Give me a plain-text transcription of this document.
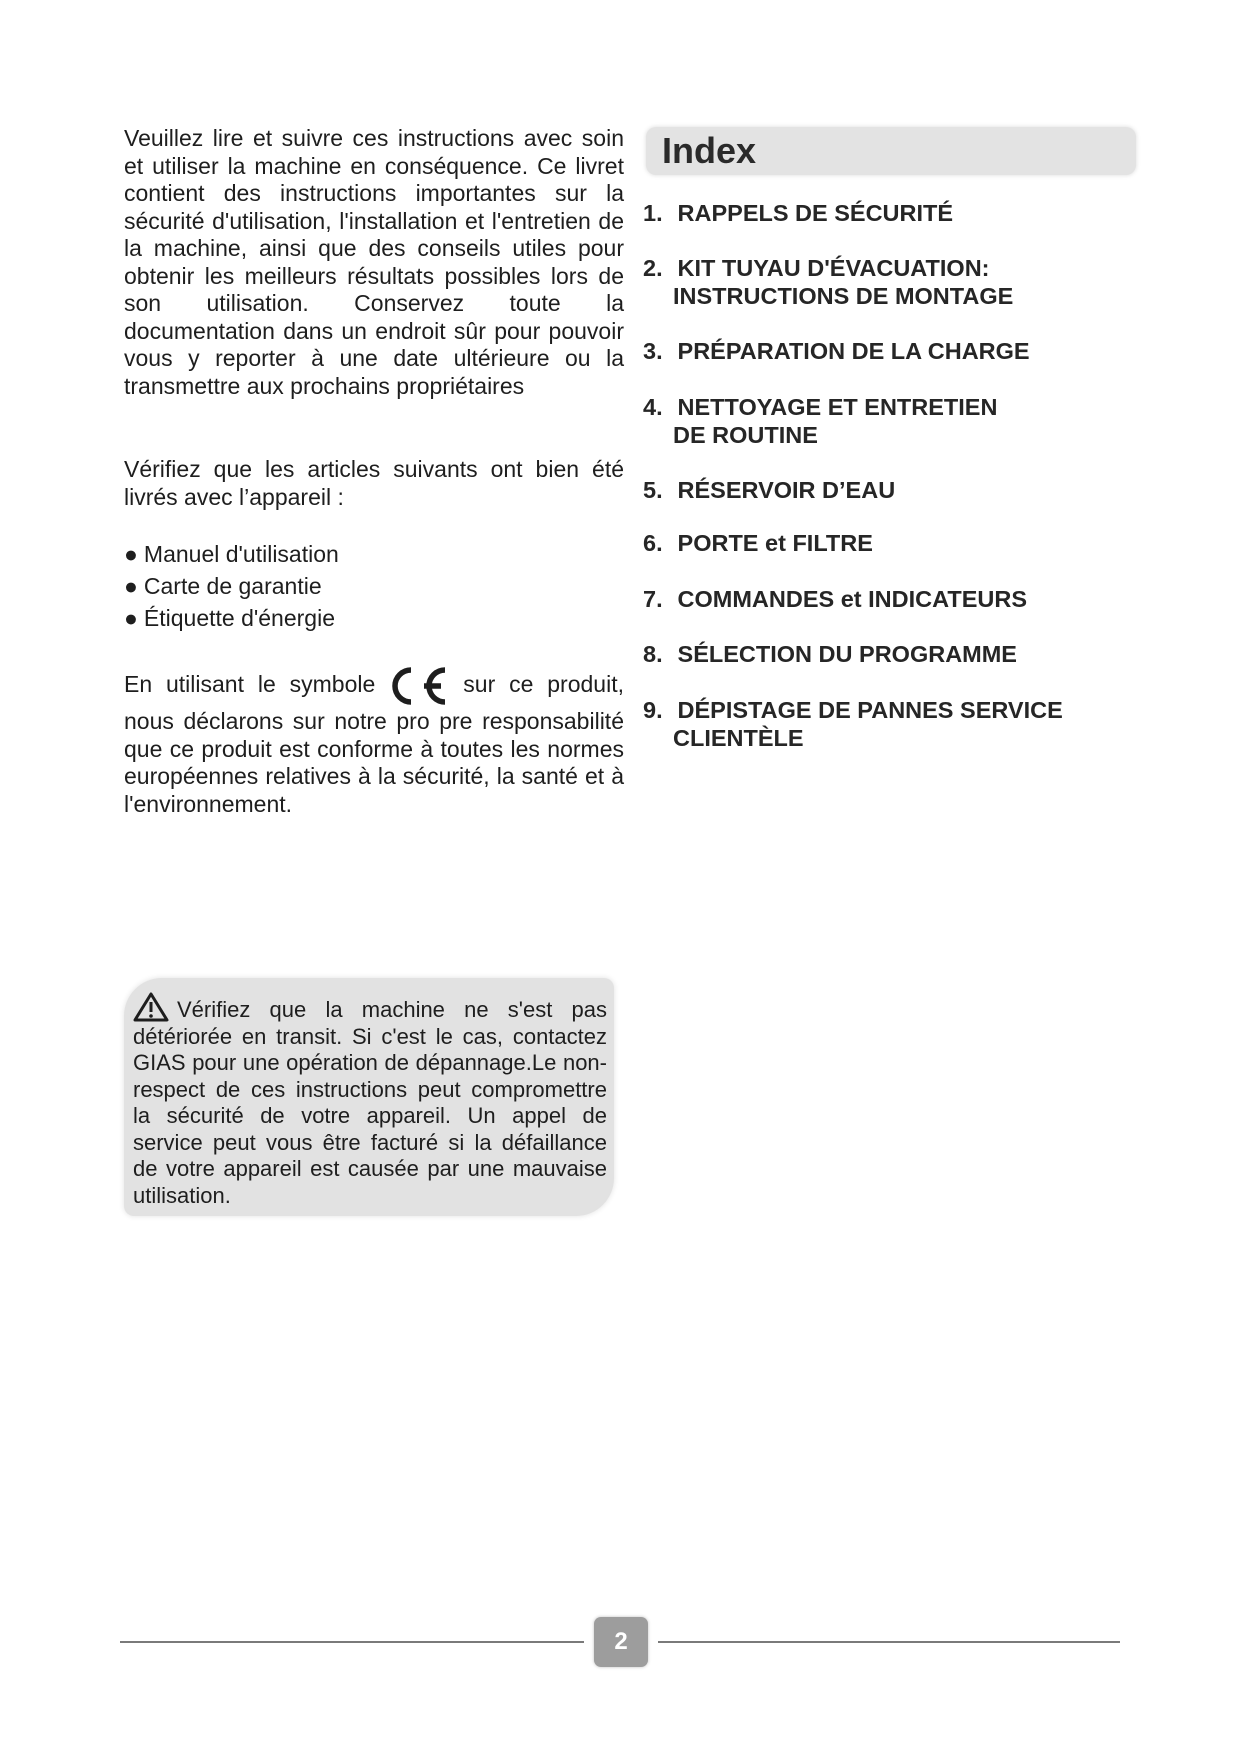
Veuillez lire et suivre ces instructions avec soin et utiliser la machine en conséquence. Ce livret contient des instructions importantes sur la sécurité d'utilisation, l'installation et l'entretien de la machine, ainsi que des conseils utiles pour obtenir les meilleurs résultats possibles lors de son utilisation. Conservez toute la documentation dans un endroit sûr pour pouvoir vous y reporter à une date ultérieure ou la transmettre aux prochains propriétaires

Vérifiez que les articles suivants ont bien été livrés avec l’appareil :

● Manuel d'utilisation
● Carte de garantie
● Étiquette d'énergie

En utilisant le symbole	sur ce produit, nous déclarons sur notre pro pre responsabilité que ce produit est conforme à toutes les normes européennes relatives à la sécurité, la santé et à l'environnement.

Vérifiez que la machine ne s'est pas détériorée en transit. Si c'est le cas, contactez GIAS pour une opération de dépannage.Le non-respect de ces instructions peut compromettre la sécurité de votre appareil. Un appel de service peut vous être facturé si la défaillance de votre appareil est causée par une mauvaise utilisation.

Index
1. RAPPELS DE SÉCURITÉ
2. KIT TUYAU D'ÉVACUATION:
INSTRUCTIONS DE MONTAGE
3. PRÉPARATION DE LA CHARGE
4. NETTOYAGE ET ENTRETIEN
DE ROUTINE
5. RÉSERVOIR D’EAU
6. PORTE et FILTRE
7. COMMANDES et INDICATEURS
8. SÉLECTION DU PROGRAMME
9. DÉPISTAGE DE PANNES SERVICE
CLIENTÈLE
2
